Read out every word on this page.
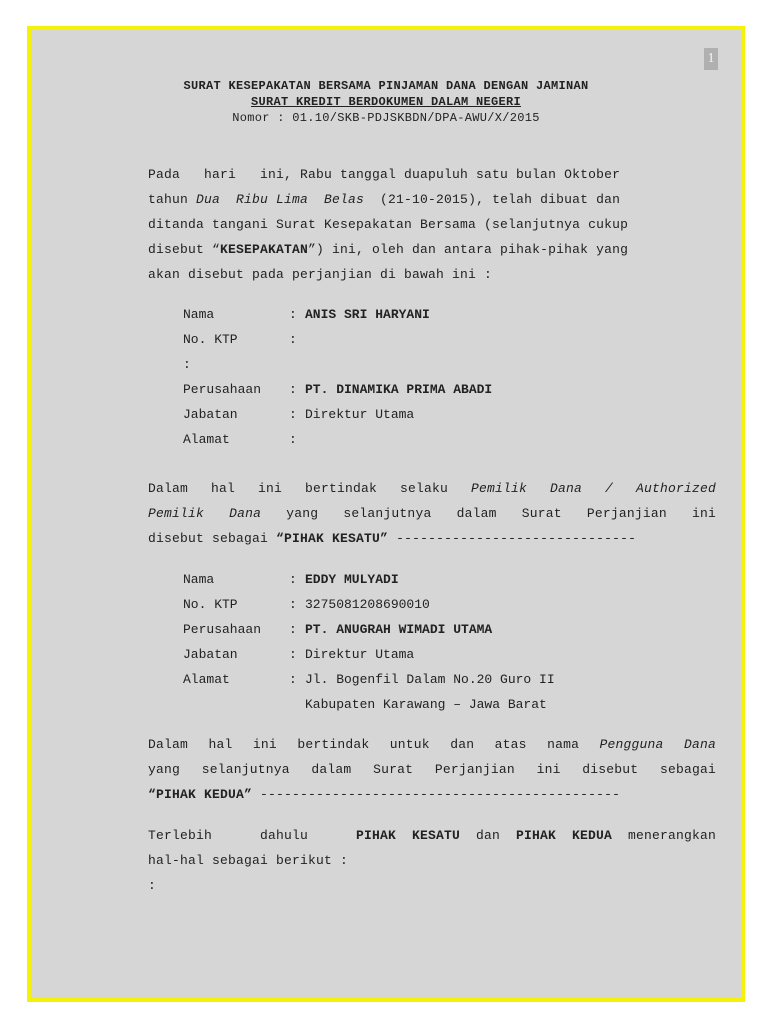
1
SURAT KESEPAKATAN BERSAMA PINJAMAN DANA DENGAN JAMINAN
SURAT KREDIT BERDOKUMEN DALAM NEGERI
Nomor : 01.10/SKB-PDJSKBDN/DPA-AWU/X/2015
Pada   hari   ini, Rabu tanggal duapuluh satu bulan Oktober
tahun Dua  Ribu Lima  Belas  (21-10-2015), telah dibuat dan
ditanda tangani Surat Kesepakatan Bersama (selanjutnya cukup
disebut “KESEPAKATAN”) ini, oleh dan antara pihak-pihak yang
akan disebut pada perjanjian di bawah ini :
Nama	: ANIS SRI HARYANI
No. KTP	:
:
Perusahaan	: PT. DINAMIKA PRIMA ABADI
Jabatan	: Direktur Utama
Alamat	:
Dalam hal ini bertindak selaku Pemilik Dana / Authorized
Pemilik Dana yang selanjutnya dalam Surat Perjanjian ini
disebut sebagai “PIHAK KESATU” ------------------------------
Nama	: EDDY MULYADI
No. KTP	: 3275081208690010
Perusahaan	: PT. ANUGRAH WIMADI UTAMA
Jabatan	: Direktur Utama
Alamat	: Jl. Bogenfil Dalam No.20 Guro II
Kabupaten Karawang – Jawa Barat
Dalam hal ini bertindak untuk dan atas nama Pengguna Dana
yang selanjutnya dalam Surat Perjanjian ini disebut sebagai
“PIHAK KEDUA” ---------------------------------------------
Terlebih   dahulu   PIHAK KESATU dan PIHAK KEDUA menerangkan
hal-hal sebagai berikut :
:
